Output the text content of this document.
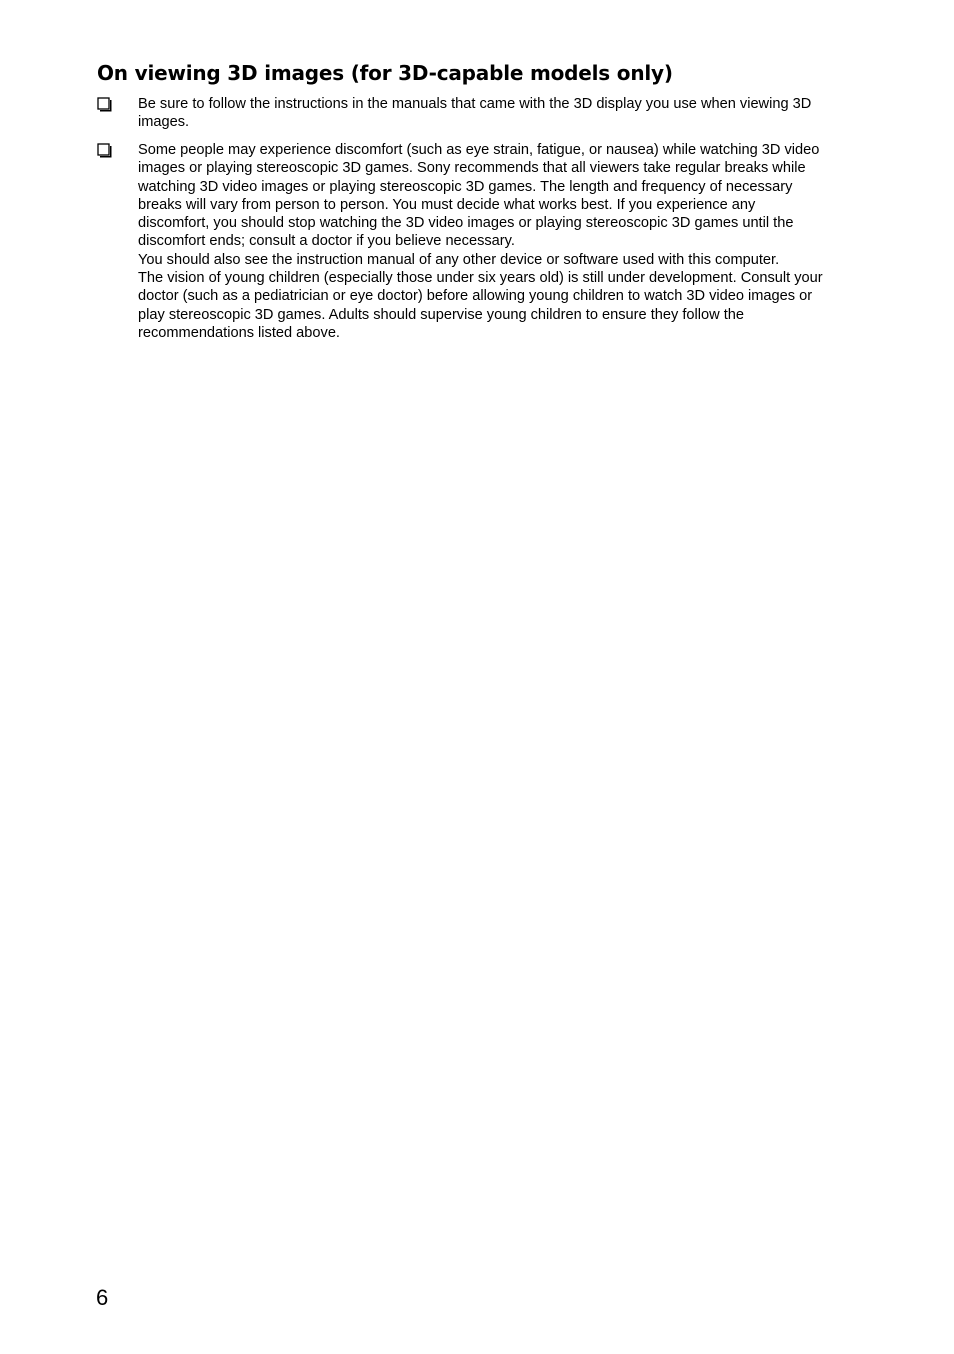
On viewing 3D images (for 3D-capable models only)

Be sure to follow the instructions in the manuals that came with the 3D display you use when viewing 3D images.

Some people may experience discomfort (such as eye strain, fatigue, or nausea) while watching 3D video images or playing stereoscopic 3D games. Sony recommends that all viewers take regular breaks while watching 3D video images or playing stereoscopic 3D games. The length and frequency of necessary breaks will vary from person to person. You must decide what works best. If you experience any discomfort, you should stop watching the 3D video images or playing stereoscopic 3D games until the discomfort ends; consult a doctor if you believe necessary.

You should also see the instruction manual of any other device or software used with this computer.

The vision of young children (especially those under six years old) is still under development. Consult your doctor (such as a pediatrician or eye doctor) before allowing young children to watch 3D video images or play stereoscopic 3D games. Adults should supervise young children to ensure they follow the recommendations listed above.

6
